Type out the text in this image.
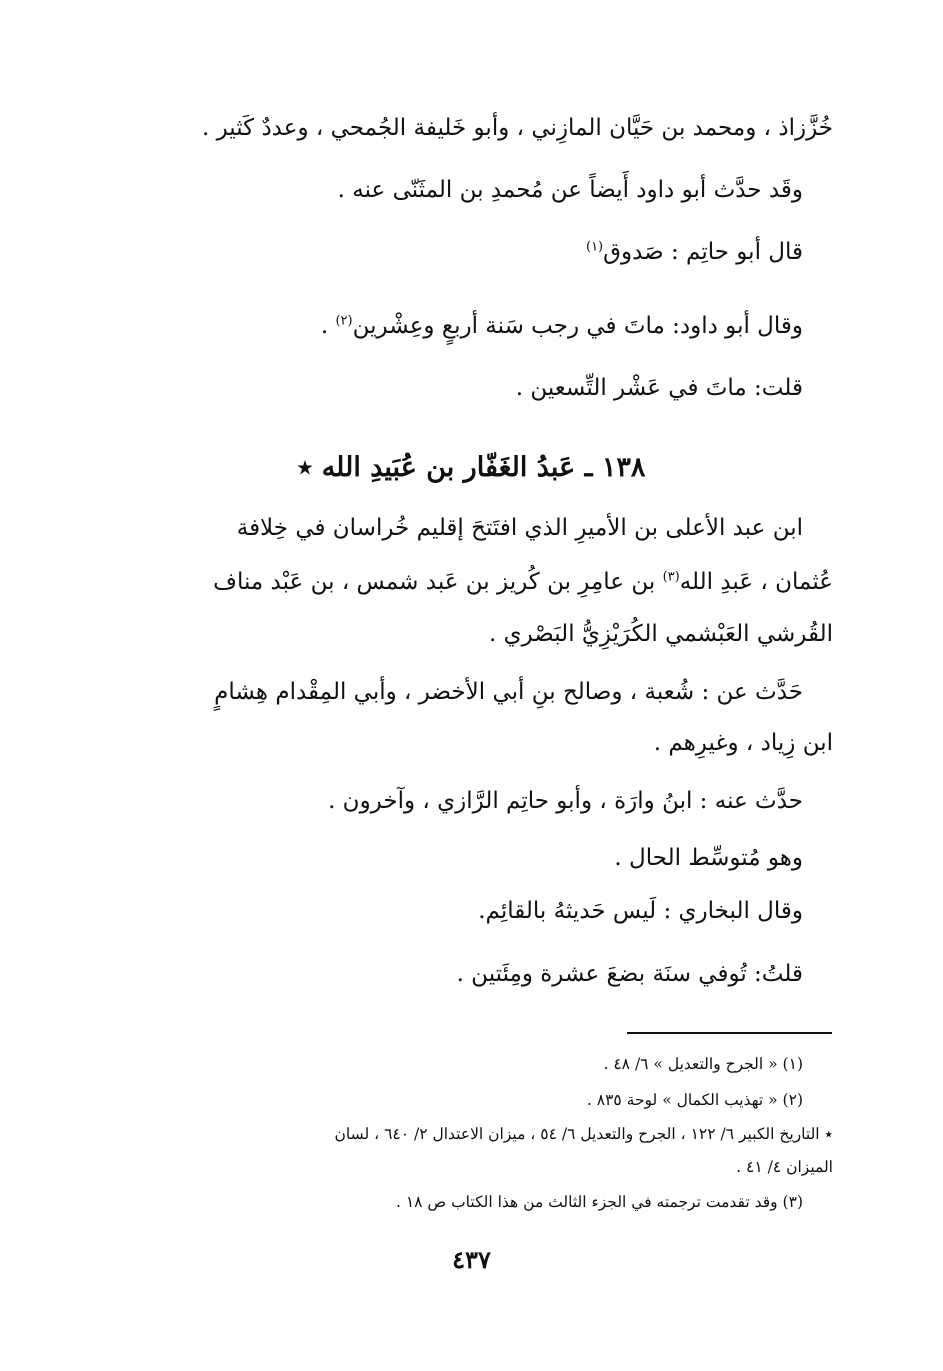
خُزَّزاذ ، ومحمد بن حَيَّان المازِني ، وأبو خَليفة الجُمحي ، وعددٌ كَثير .
وقَد حدَّث أبو داود أَيضاً عن مُحمدِ بن المثَنّى عنه .
قال أبو حاتِم : صَدوق$^{(١)}$
وقال أبو داود: ماتَ في رجب سَنة أربعٍ وعِشْرين$^{(٢)}$ .
قلت: ماتَ في عَشْر التِّسعين .
١٣٨ ـ عَبدُ الغَفّار بن عُبَيدِ الله ٭
ابن عبد الأعلى بن الأميرِ الذي افتَتحَ إقليم خُراسان في خِلافة
عُثمان ، عَبدِ الله$^{(٣)}$ بن عامِرِ بن كُريز بن عَبد شمس ، بن عَبْد مناف
القُرشي العَبْشمي الكُرَيْزِيُّ البَصْري .
حَدَّث عن : شُعبة ، وصالح بنِ أبي الأخضر ، وأبي المِقْدام هِشامٍ
ابن زِياد ، وغيرِهم .
حدَّث عنه : ابنُ وارَة ، وأبو حاتِم الرَّازي ، وآخرون .
وهو مُتوسِّط الحال .
وقال البخاري : لَيس حَديثهُ بالقائِم.
قلتُ: تُوفي سنَة بضعَ عشرة ومِئَتين .
(١) « الجرح والتعديل » ٦/ ٤٨ .
(٢) « تهذيب الكمال » لوحة ٨٣٥ .
٭ التاريخ الكبير ٦/ ١٢٢ ، الجرح والتعديل ٦/ ٥٤ ، ميزان الاعتدال ٢/ ٦٤٠ ، لسان
الميزان ٤/ ٤١ .
(٣) وقد تقدمت ترجمته في الجزء الثالث من هذا الكتاب ص ١٨ .
٤٣٧
